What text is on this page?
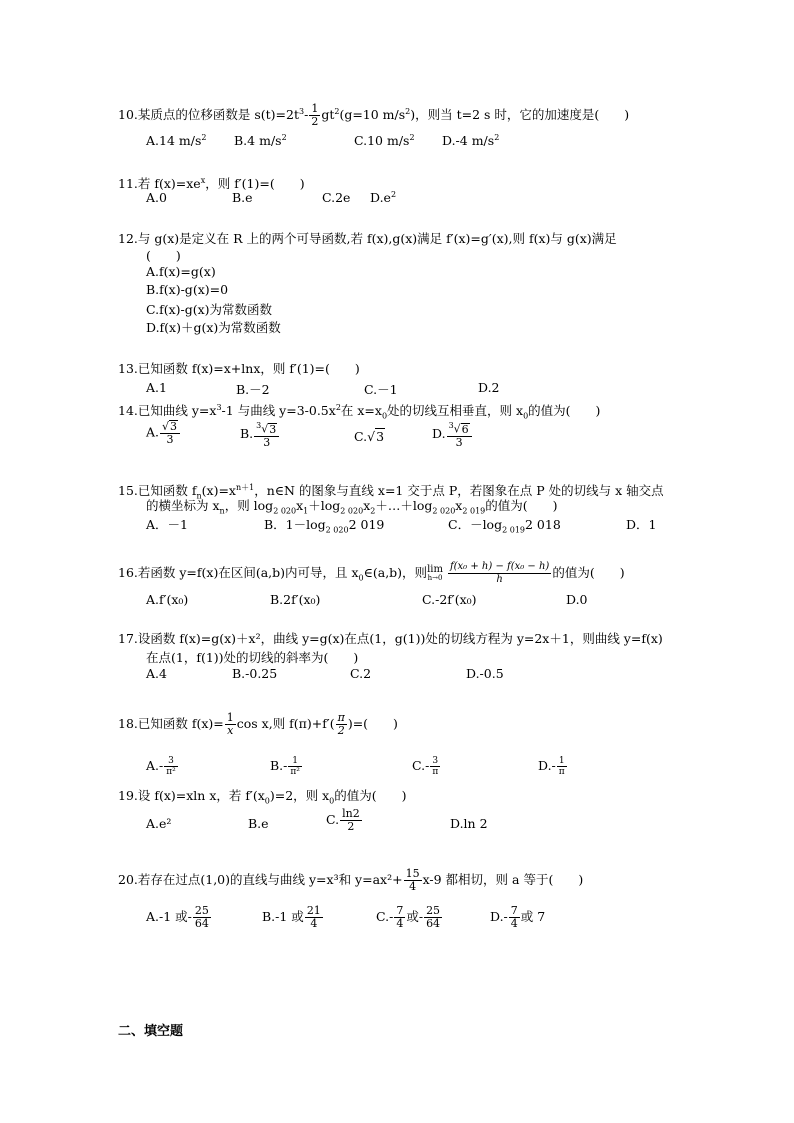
10.某质点的位移函数是 $s(t)=2t^3- \frac{1}{2} gt^2(g=10$ $m/s^2$)，则当 t=2 s 时，它的加速度是(　　)
A.14 $m/s^2$ B.4 $m/s^2$	C.10 $m/s^2$ D.-4 $m/s^2$
11.若 $f(x)=xe^x$，则 f′(1)=(　　)
A.0	B.e	C.2e $D.e^2$
12.与 g(x)是定义在 R 上的两个可导函数,若 f(x),g(x)满足 f′(x)=g′(x),则 f(x)与 g(x)满足
(　　)
A.f(x)=g(x)
B.f(x)-g(x)=0
C.f(x)-g(x)为常数函数
D.f(x)＋g(x)为常数函数
13.已知函数 f(x)=x+lnx，则 f′(1)=(　　)
A.1	B.－2	C.－1	D.2
14.已知曲线 $y=x^3-1$ 与曲线 $y=3-0.5x^2$在 $x=x_0$处的切线互相垂直，则 $x_0$的值为(　　)
A. $\frac{√3}{3}$	B. $\frac{^3√3}{3}$	C.√3	D. $\frac{^3√6}{3}$
15.已知函数 $f_n(x)=x^{n+1}$，n∈N 的图象与直线 x=1 交于点 P，若图象在点 P 处的切线与 x 轴交点
的横坐标为 $x_n$，则 $\log_{2 020}x_1+\log_{2 020}x_2+\dots+\log_{2 020}x_{2 019}$的值为(　　)
A．－1	B．$1-\log_{2 020}2$ 019	C．$-\log_{2 019}2$ 018	D．1
16.若函数 y=f(x)在区间(a,b)内可导，且 $x_0\in(a,b)$，则 lim
h→0
$\frac{\text{f(x₀ + h) − f(x₀ − h)}}{h}$ 的值为(　　)
A.f′(x₀)	B.2f′(x₀)	C.-2f′(x₀)	D.0
17.设函数 f(x)=g(x)＋x²，曲线 y=g(x)在点(1，g(1))处的切线方程为 y=2x＋1，则曲线 y=f(x)
在点(1，f(1))处的切线的斜率为(　　)
A.4	B.-0.25	C.2	D.-0.5
18.已知函数 $f(x)= \frac{1}{x}$ cos x,则 $f(\pi)+f'( \frac{\pi}{2}$ )=(　　)
$A.- \frac{3}{\text{π²}}$	$B.- \frac{1}{\text{π²}}$	$C.- \frac{3}{\pi}$	$D.- \frac{1}{\pi}$
19.设 f(x)=xln x，若 $f'(x_0)=2$，则 $x_0$的值为(　　)
A.e²	B.e	C. $\frac{\ln 2}{2}$	D.ln 2
20.若存在过点(1,0)的直线与曲线 y=x³和 $y=ax^2+ \frac{15}{4} x-9$ 都相切，则 a 等于(　　)
A.-1 或- $\frac{25}{64}$	B.-1 或 $\frac{21}{4}$	$C.- \frac{7}{4}$ 或- $\frac{25}{64}$	$D.- \frac{7}{4}$ 或 7
二、填空题
